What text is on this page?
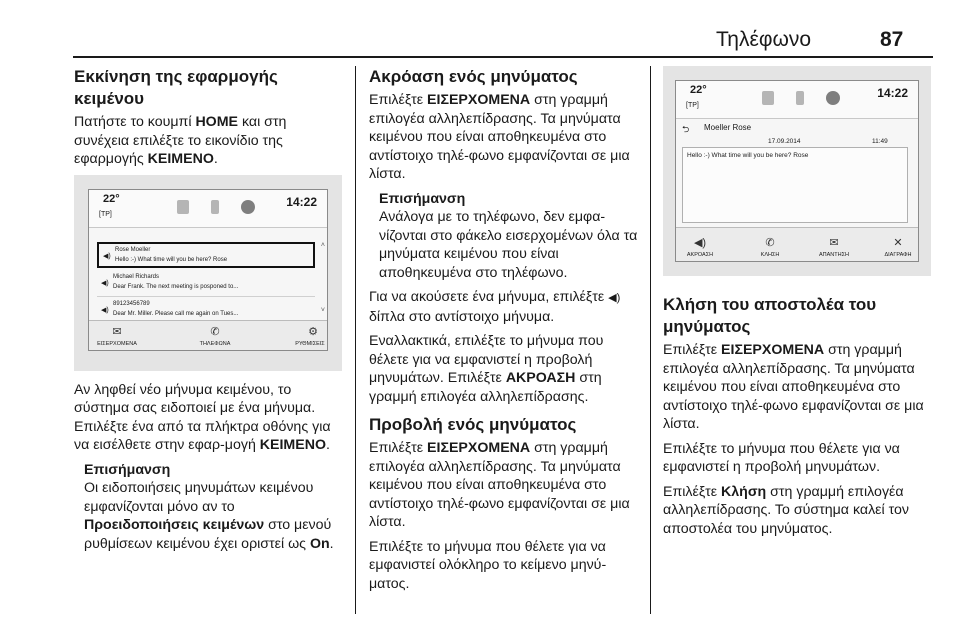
Τηλέφωνο	87
Εκκίνηση της εφαρμογής κειμένου

Πατήστε το κουμπί HOME και στη συνέχεια επιλέξτε το εικονίδιο της εφαρμογής ΚΕΙΜΕΝΟ.

22°
[TP]
14:22
◀)
Rose Moeller
Hello :-) What time will you be here? Rose
◀)
Michael Richards
Dear Frank. The next meeting is posponed to...
◀)
89123456789
Dear Mr. Miller. Please call me again on Tues...
˄
˅
✉
ΕΙΣΕΡΧΟΜΕΝΑ
✆
ΤΗΛΕΦΩΝΑ
⚙
ΡΥΘΜΙΣΕΙΣ

Αν ληφθεί νέο μήνυμα κειμένου, το σύστημα σας ειδοποιεί με ένα μήνυμα. Επιλέξτε ένα από τα πλήκτρα οθόνης για να εισέλθετε στην εφαρ‐μογή ΚΕΙΜΕΝΟ.

Επισήμανση

Οι ειδοποιήσεις μηνυμάτων κειμένου εμφανίζονται μόνο αν το Προειδοποιήσεις κειμένων στο μενού ρυθμίσεων κειμένου έχει οριστεί ως On.

Ακρόαση ενός μηνύματος

Επιλέξτε ΕΙΣΕΡΧΟΜΕΝΑ στη γραμμή επιλογέα αλληλεπίδρασης. Τα μηνύματα κειμένου που είναι αποθηκευμένα στο αντίστοιχο τηλέ‐φωνο εμφανίζονται σε μια λίστα.

Επισήμανση

Ανάλογα με το τηλέφωνο, δεν εμφα‐νίζονται στο φάκελο εισερχομένων όλα τα μηνύματα κειμένου που είναι αποθηκευμένα στο τηλέφωνο.

Για να ακούσετε ένα μήνυμα, επιλέξτε ◀) δίπλα στο αντίστοιχο μήνυμα.

Εναλλακτικά, επιλέξτε το μήνυμα που θέλετε για να εμφανιστεί η προβολή μηνυμάτων. Επιλέξτε ΑΚΡΟΑΣΗ στη γραμμή επιλογέα αλληλεπίδρασης.

Προβολή ενός μηνύματος

Επιλέξτε ΕΙΣΕΡΧΟΜΕΝΑ στη γραμμή επιλογέα αλληλεπίδρασης. Τα μηνύματα κειμένου που είναι αποθηκευμένα στο αντίστοιχο τηλέ‐φωνο εμφανίζονται σε μια λίστα.

Επιλέξτε το μήνυμα που θέλετε για να εμφανιστεί ολόκληρο το κείμενο μηνύ‐ματος.

22°
[TP]
14:22
⮌ Moeller Rose
17.09.2014	11:49
Hello :-) What time will you be here? Rose
◀)
ΑΚΡΟΑΣΗ
✆
ΚΛΗΣΗ
✉
ΑΠΑΝΤΗΣΗ
✕
ΔΙΑΓΡΑΦΗ
Κλήση του αποστολέα του μηνύματος

Επιλέξτε ΕΙΣΕΡΧΟΜΕΝΑ στη γραμμή επιλογέα αλληλεπίδρασης. Τα μηνύματα κειμένου που είναι αποθηκευμένα στο αντίστοιχο τηλέ‐φωνο εμφανίζονται σε μια λίστα.

Επιλέξτε το μήνυμα που θέλετε για να εμφανιστεί η προβολή μηνυμάτων.

Επιλέξτε Κλήση στη γραμμή επιλογέα αλληλεπίδρασης. Το σύστημα καλεί τον αποστολέα του μηνύματος.
